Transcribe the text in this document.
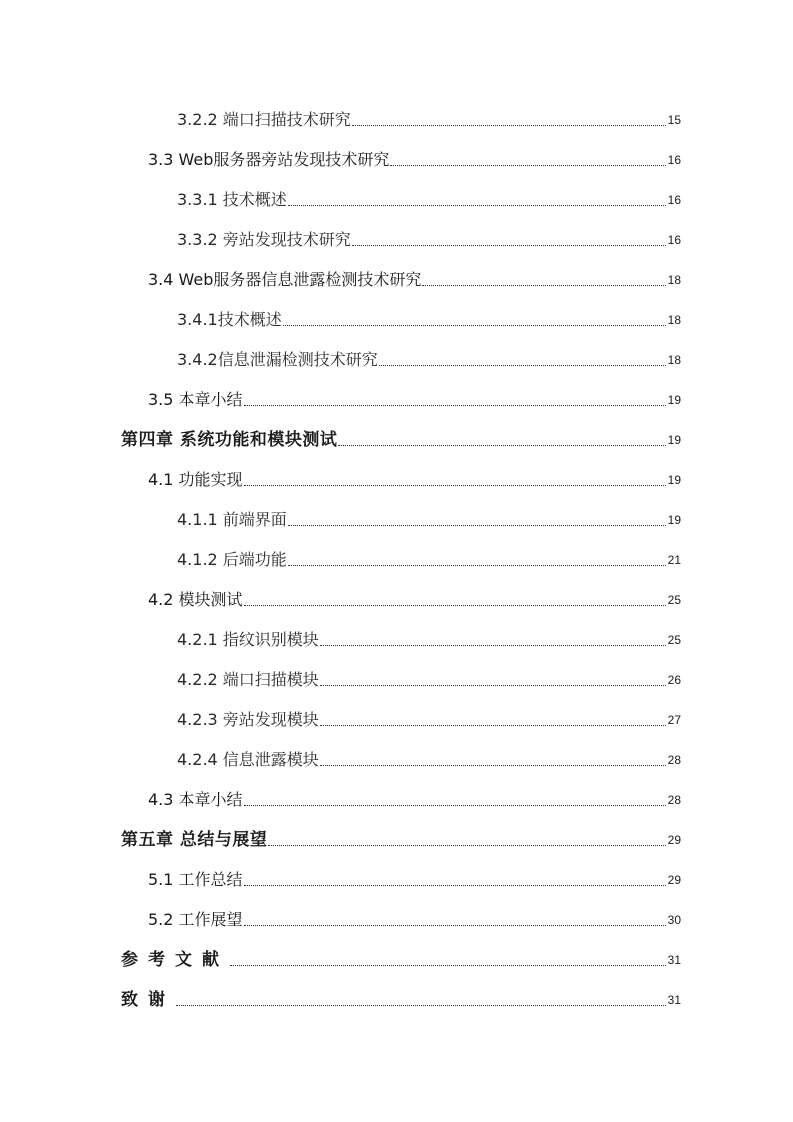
3.2.2 端口扫描技术研究	15
3.3 Web服务器旁站发现技术研究	16
3.3.1 技术概述	16
3.3.2 旁站发现技术研究	16
3.4 Web服务器信息泄露检测技术研究	18
3.4.1技术概述	18
3.4.2信息泄漏检测技术研究	18
3.5 本章小结	19
第四章 系统功能和模块测试	19
4.1 功能实现	19
4.1.1 前端界面	19
4.1.2 后端功能	21
4.2 模块测试	25
4.2.1 指纹识别模块	25
4.2.2 端口扫描模块	26
4.2.3 旁站发现模块	27
4.2.4 信息泄露模块	28
4.3 本章小结	28
第五章 总结与展望	29
5.1 工作总结	29
5.2 工作展望	30
参考文献	31
致谢	31
